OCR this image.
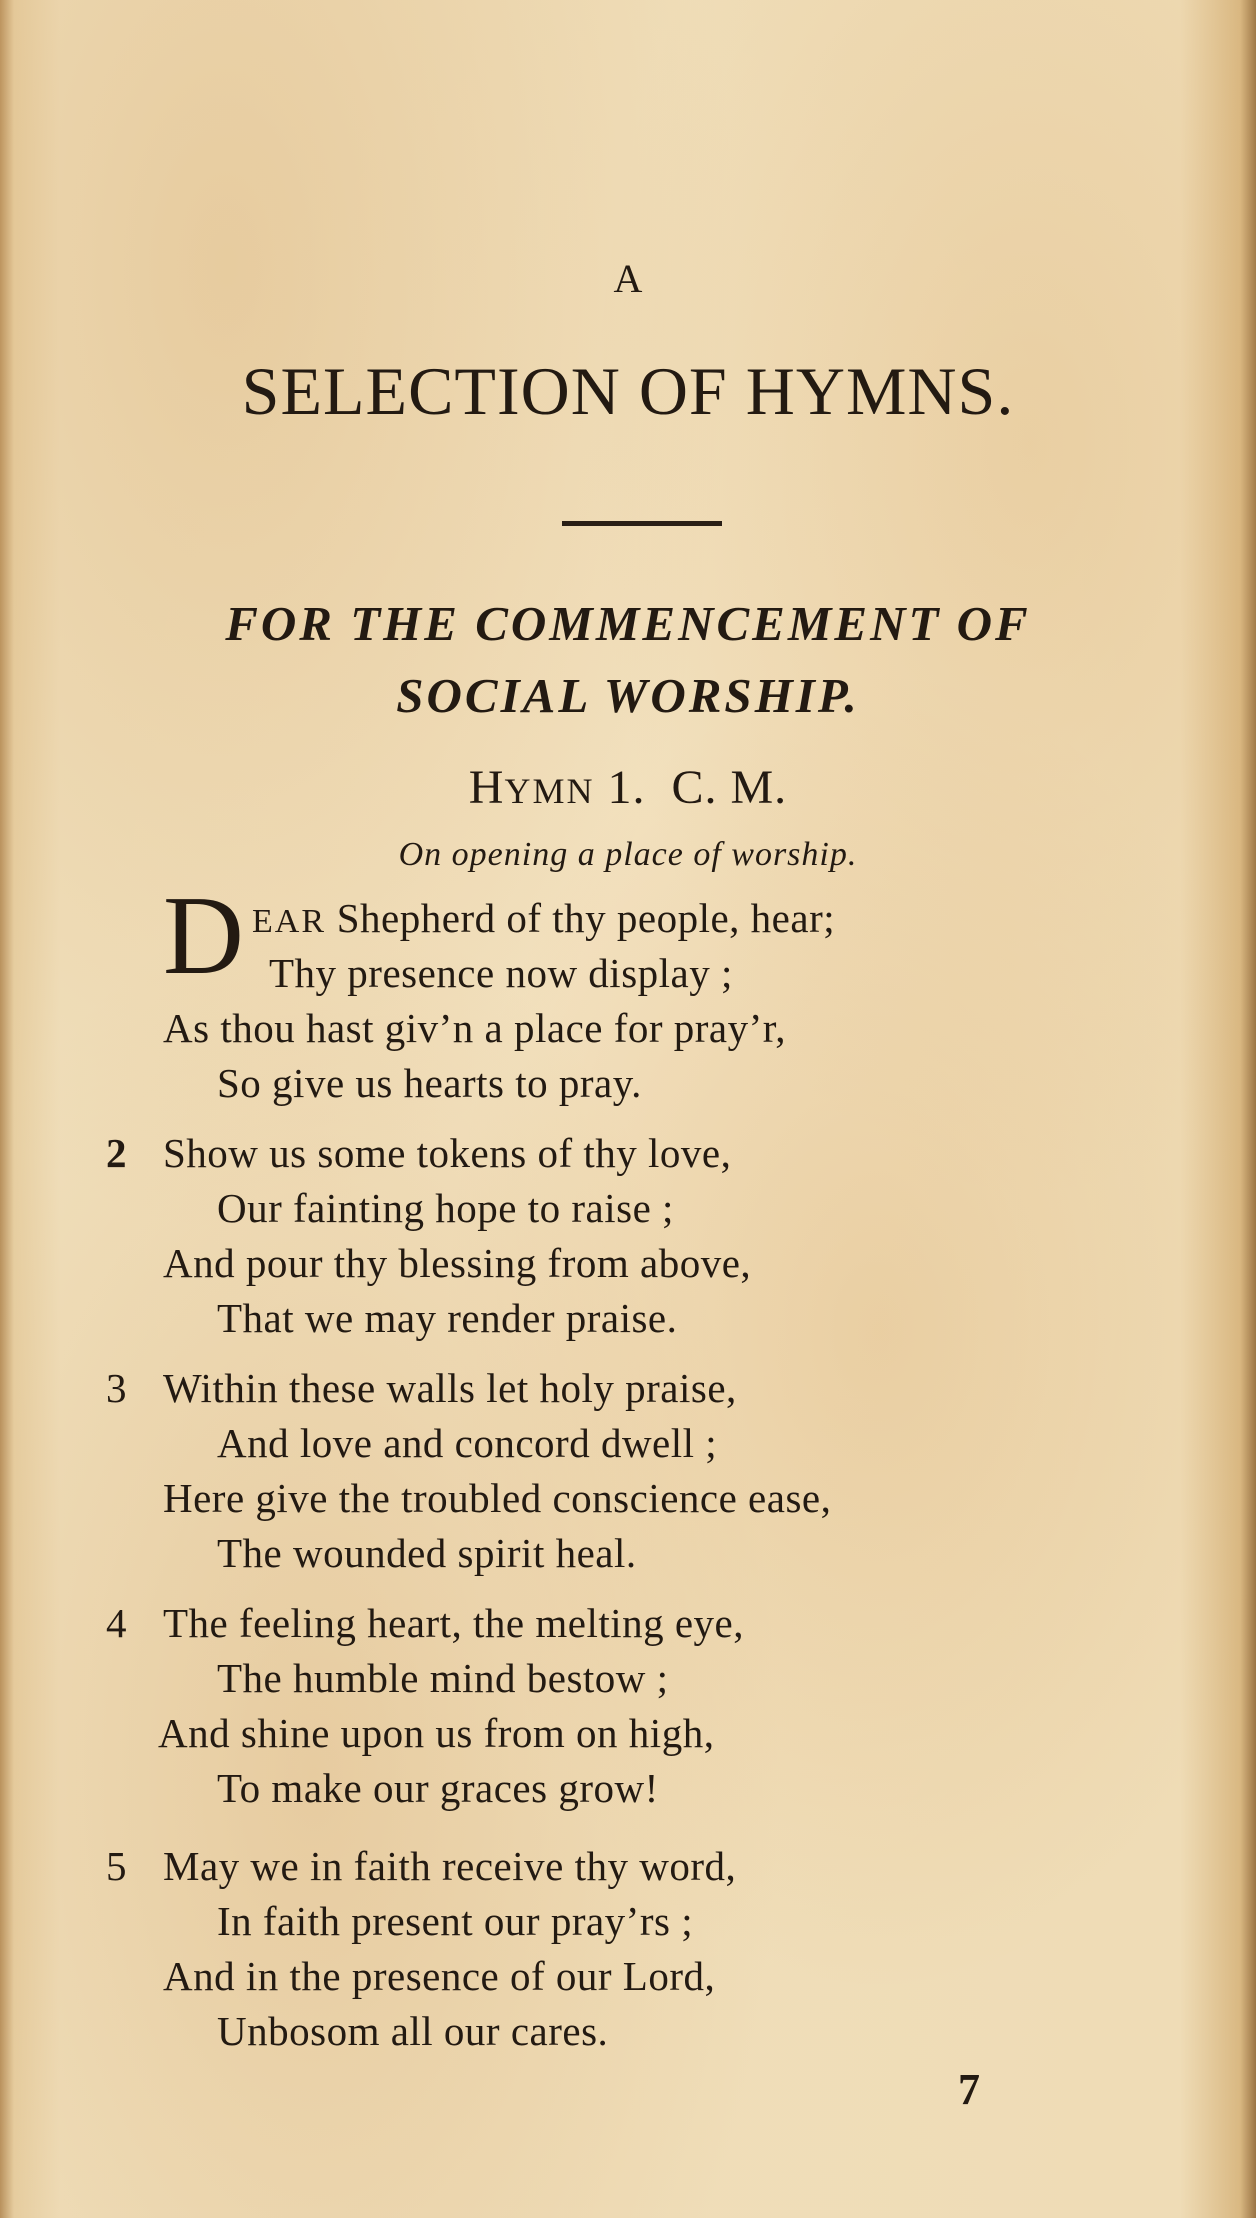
A
SELECTION OF HYMNS.
FOR THE COMMENCEMENT OF
SOCIAL WORSHIP.
HYMN 1. C. M.
On opening a place of worship.
D EAR Shepherd of thy people, hear;
Thy presence now display ;
As thou hast giv’n a place for pray’r,
So give us hearts to pray.
2 Show us some tokens of thy love,
Our fainting hope to raise ;
And pour thy blessing from above,
That we may render praise.
3 Within these walls let holy praise,
And love and concord dwell ;
Here give the troubled conscience ease,
The wounded spirit heal.
4 The feeling heart, the melting eye,
The humble mind bestow ;
And shine upon us from on high,
To make our graces grow!
5 May we in faith receive thy word,
In faith present our pray’rs ;
And in the presence of our Lord,
Unbosom all our cares.
7
